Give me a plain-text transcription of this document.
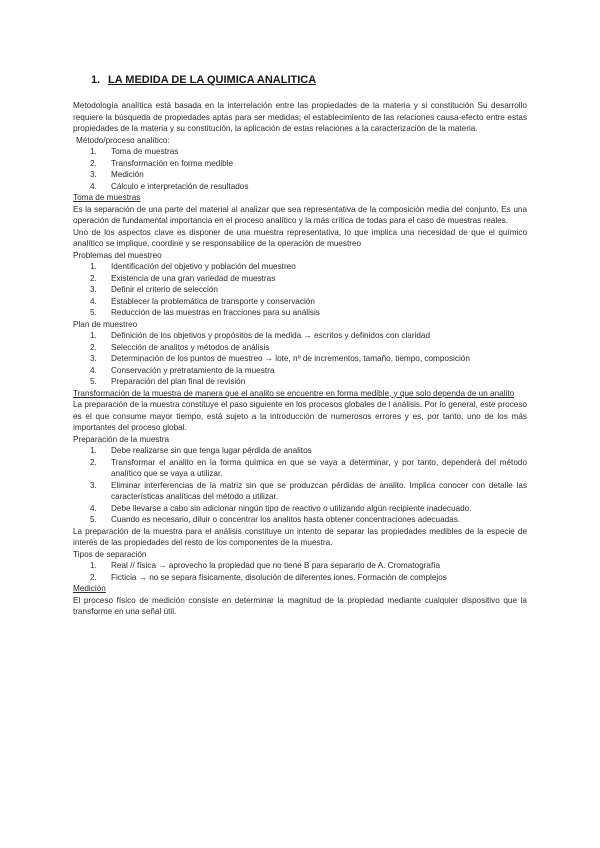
1. LA MEDIDA DE LA QUIMICA ANALITICA

Metodología analítica está basada en la interrelación entre las propiedades de la materia y si constitución Su desarrollo requiere la búsqueda de propiedades aptas para ser medidas; el establecimiento de las relaciones causa-efecto entre estas propiedades de la materia y su constitución, la aplicación de estas relaciones a la caracterización de la materia.

Método/proceso analítico:

1. Toma de muestras
2. Transformación en forma medible
3. Medición
4. Cálculo e interpretación de resultados

Toma de muestras

Es la separación de una parte del material al analizar que sea representativa de la composición media del conjunto. Es una operación de fundamental importancia en el proceso analítico y la más crítica de todas para el caso de muestras reales.

Uno de los aspectos clave es disponer de una muestra representativa, lo que implica una necesidad de que el químico analítico se implique, coordine y se responsabilice de la operación de muestreo

Problemas del muestreo

1. Identificación del objetivo y población del muestreo
2. Existencia de una gran variedad de muestras
3. Definir el criterio de selección
4. Establecer la problemática de transporte y conservación
5. Reducción de las muestras en fracciones para su análisis

Plan de muestreo

1. Definición de los objetivos y propósitos de la medida → escritos y definidos con claridad
2. Selección de analitos y métodos de análisis
3. Determinación de los puntos de muestreo → lote, nº de incrementos, tamaño, tiempo, composición
4. Conservación y pretratamiento de la muestra
5. Preparación del plan final de revisión

Transformación de la muestra de manera que el analito se encuentre en forma medible, y que solo dependa de un analito

La preparación de la muestra constituye el paso siguiente en los procesos globales de l análisis. Por lo general, este proceso es el que consume mayor tiempo, está sujeto a la introducción de numerosos errores y es, por tanto, uno de los más importantes del proceso global.

Preparación de la muestra

1. Debe realizarse sin que tenga lugar pérdida de analitos
2. Transformar el analito en la forma química en que se vaya a determinar, y por tanto, dependerá del método analítico que se vaya a utilizar.
3. Eliminar interferencias de la matriz sin que se produzcan pérdidas de analito. Implica conocer con detalle las características analíticas del método a utilizar.
4. Debe llevarse a cabo sin adicionar ningún tipo de reactivo o utilizando algún recipiente inadecuado.
5. Cuando es necesario, diluir o concentrar los analitos hasta obtener concentraciones adecuadas.

La preparación de la muestra para el análisis constituye un intento de separar las propiedades medibles de la especie de interés de las propiedades del resto de los componentes de la muestra.

Tipos de separación

1. Real // física → aprovecho la propiedad que no tiene B para separarlo de A. Cromatografía
2. Ficticia → no se separa físicamente, disolución de diferentes iones. Formación de complejos

Medición

El proceso físico de medición consiste en determinar la magnitud de la propiedad mediante cualquier dispositivo que la transforme en una señal útil.
